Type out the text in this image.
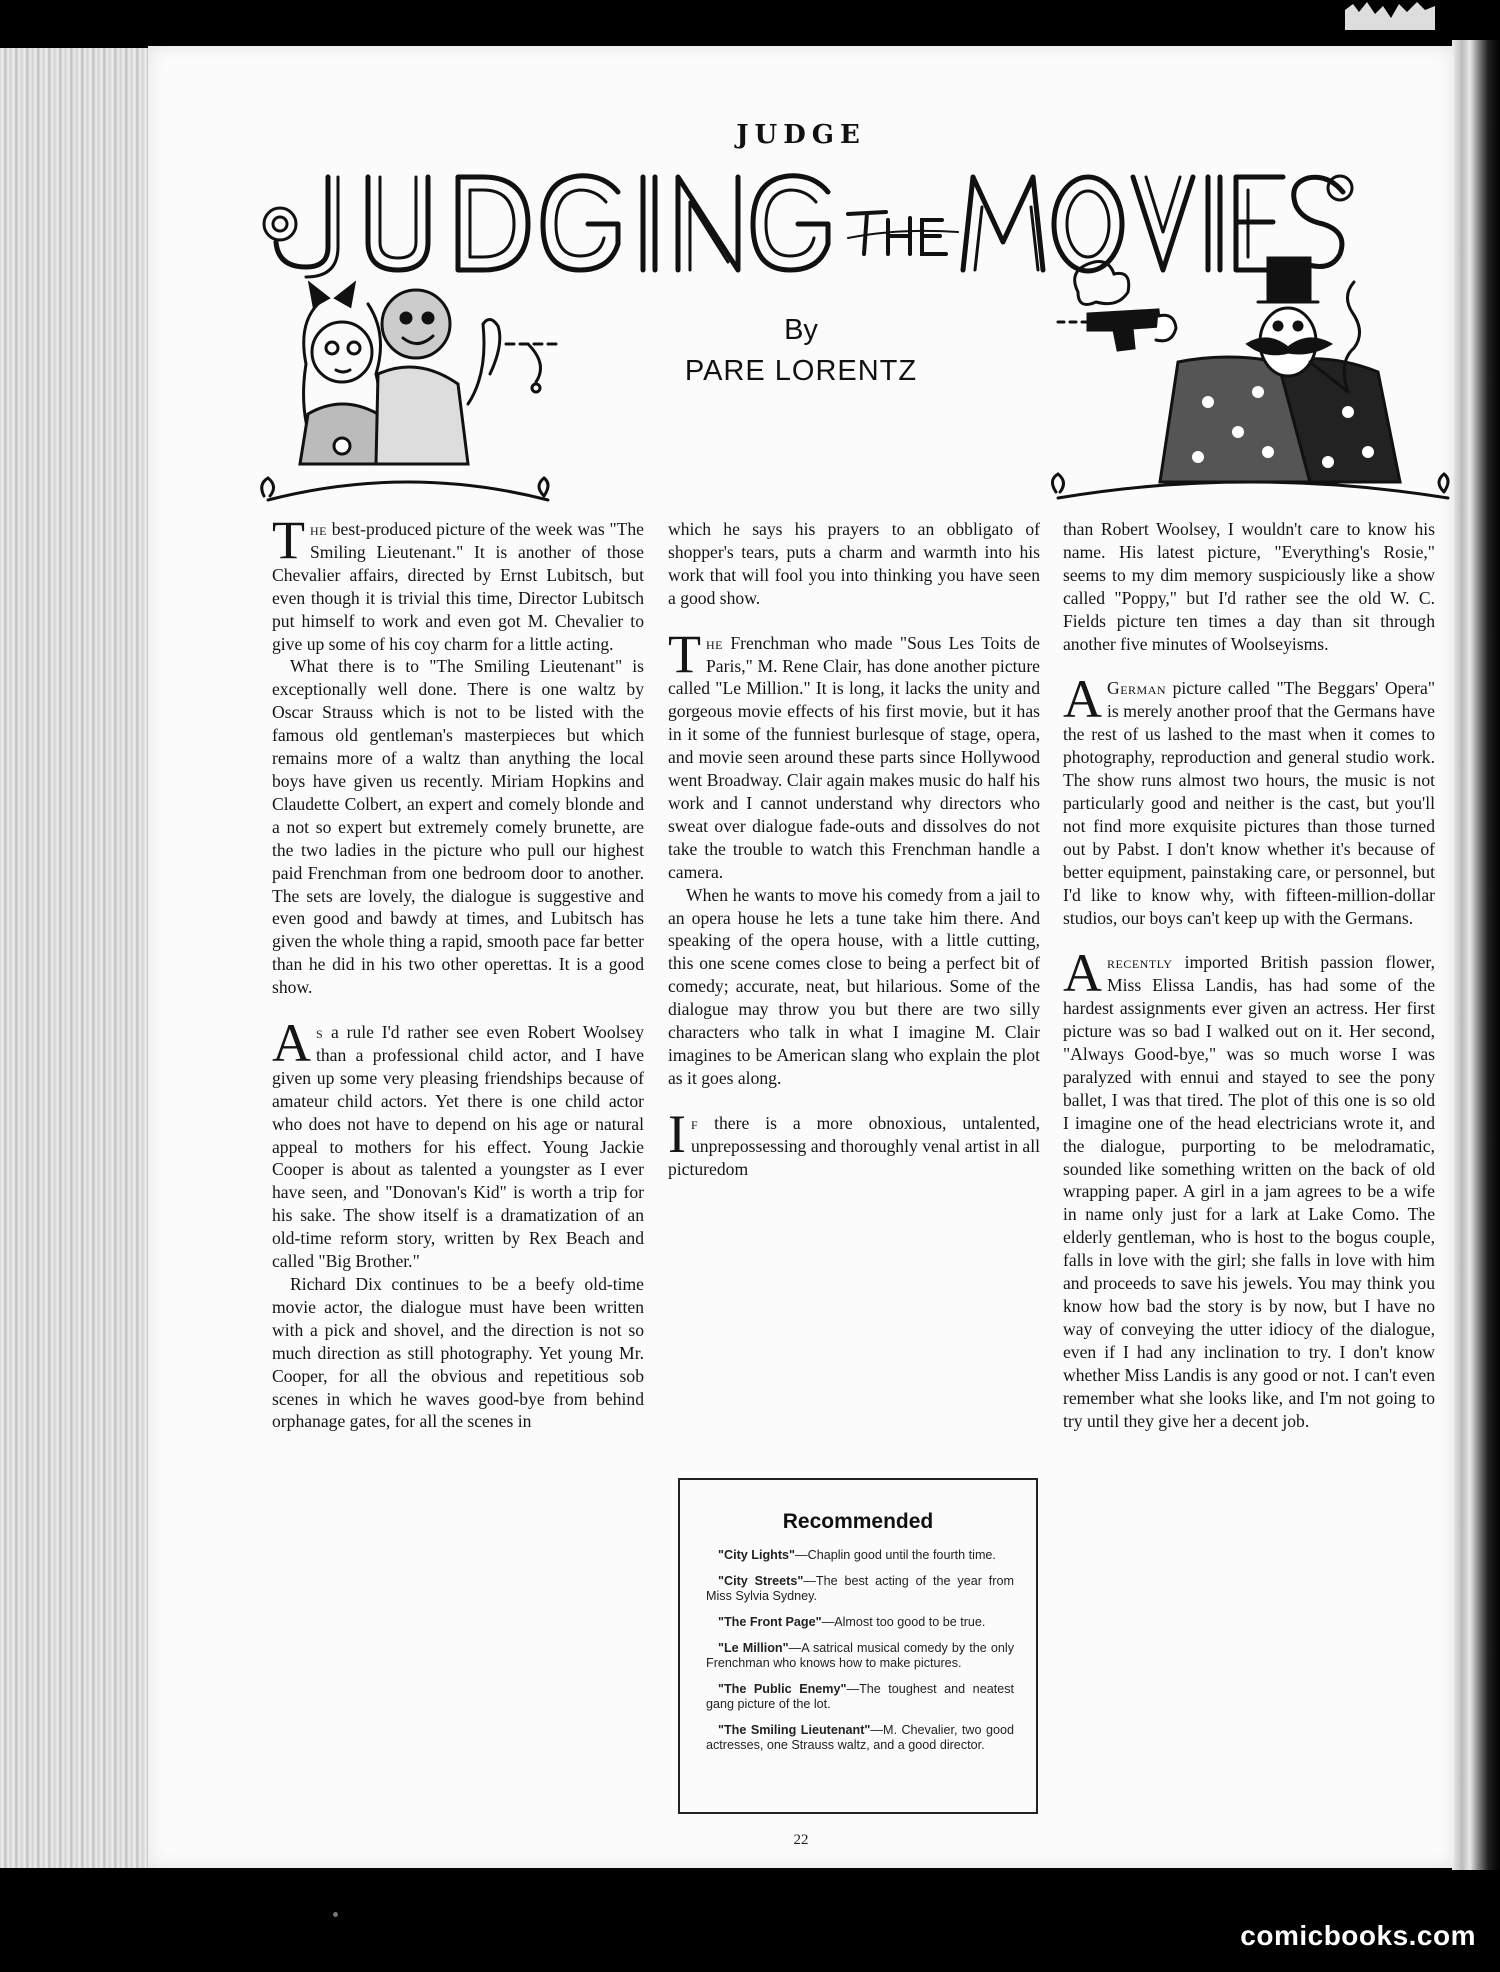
JUDGE
By
PARE LORENTZ

The best-produced picture of the week was "The Smiling Lieutenant." It is another of those Chevalier affairs, directed by Ernst Lubitsch, but even though it is trivial this time, Director Lubitsch put himself to work and even got M. Chevalier to give up some of his coy charm for a little acting.

What there is to "The Smiling Lieutenant" is exceptionally well done. There is one waltz by Oscar Strauss which is not to be listed with the famous old gentleman's masterpieces but which remains more of a waltz than anything the local boys have given us recently. Miriam Hopkins and Claudette Colbert, an expert and comely blonde and a not so expert but extremely comely brunette, are the two ladies in the picture who pull our highest paid Frenchman from one bedroom door to another. The sets are lovely, the dialogue is suggestive and even good and bawdy at times, and Lubitsch has given the whole thing a rapid, smooth pace far better than he did in his two other operettas. It is a good show.

As a rule I'd rather see even Robert Woolsey than a professional child actor, and I have given up some very pleasing friendships because of amateur child actors. Yet there is one child actor who does not have to depend on his age or natural appeal to mothers for his effect. Young Jackie Cooper is about as talented a youngster as I ever have seen, and "Donovan's Kid" is worth a trip for his sake. The show itself is a dramatization of an old-time reform story, written by Rex Beach and called "Big Brother."

Richard Dix continues to be a beefy old-time movie actor, the dialogue must have been written with a pick and shovel, and the direction is not so much direction as still photography. Yet young Mr. Cooper, for all the obvious and repetitious sob scenes in which he waves good-bye from behind orphanage gates, for all the scenes in

which he says his prayers to an obbligato of shopper's tears, puts a charm and warmth into his work that will fool you into thinking you have seen a good show.

The Frenchman who made "Sous Les Toits de Paris," M. Rene Clair, has done another picture called "Le Million." It is long, it lacks the unity and gorgeous movie effects of his first movie, but it has in it some of the funniest burlesque of stage, opera, and movie seen around these parts since Hollywood went Broadway. Clair again makes music do half his work and I cannot understand why directors who sweat over dialogue fade-outs and dissolves do not take the trouble to watch this Frenchman handle a camera.

When he wants to move his comedy from a jail to an opera house he lets a tune take him there. And speaking of the opera house, with a little cutting, this one scene comes close to being a perfect bit of comedy; accurate, neat, but hilarious. Some of the dialogue may throw you but there are two silly characters who talk in what I imagine M. Clair imagines to be American slang who explain the plot as it goes along.

If there is a more obnoxious, untalented, unprepossessing and thoroughly venal artist in all picturedom

Recommended
"City Lights"—Chaplin good until the fourth time.
"City Streets"—The best acting of the year from Miss Sylvia Sydney.
"The Front Page"—Almost too good to be true.
"Le Million"—A satrical musical comedy by the only Frenchman who knows how to make pictures.
"The Public Enemy"—The toughest and neatest gang picture of the lot.
"The Smiling Lieutenant"—M. Chevalier, two good actresses, one Strauss waltz, and a good director.

than Robert Woolsey, I wouldn't care to know his name. His latest picture, "Everything's Rosie," seems to my dim memory suspiciously like a show called "Poppy," but I'd rather see the old W. C. Fields picture ten times a day than sit through another five minutes of Woolseyisms.

A German picture called "The Beggars' Opera" is merely another proof that the Germans have the rest of us lashed to the mast when it comes to photography, reproduction and general studio work. The show runs almost two hours, the music is not particularly good and neither is the cast, but you'll not find more exquisite pictures than those turned out by Pabst. I don't know whether it's because of better equipment, painstaking care, or personnel, but I'd like to know why, with fifteen-million-dollar studios, our boys can't keep up with the Germans.

Arecently imported British passion flower, Miss Elissa Landis, has had some of the hardest assignments ever given an actress. Her first picture was so bad I walked out on it. Her second, "Always Good-bye," was so much worse I was paralyzed with ennui and stayed to see the pony ballet, I was that tired. The plot of this one is so old I imagine one of the head electricians wrote it, and the dialogue, purporting to be melodramatic, sounded like something written on the back of old wrapping paper. A girl in a jam agrees to be a wife in name only just for a lark at Lake Como. The elderly gentleman, who is host to the bogus couple, falls in love with the girl; she falls in love with him and proceeds to save his jewels. You may think you know how bad the story is by now, but I have no way of conveying the utter idiocy of the dialogue, even if I had any inclination to try. I don't know whether Miss Landis is any good or not. I can't even remember what she looks like, and I'm not going to try until they give her a decent job.

22
comicbooks.com
